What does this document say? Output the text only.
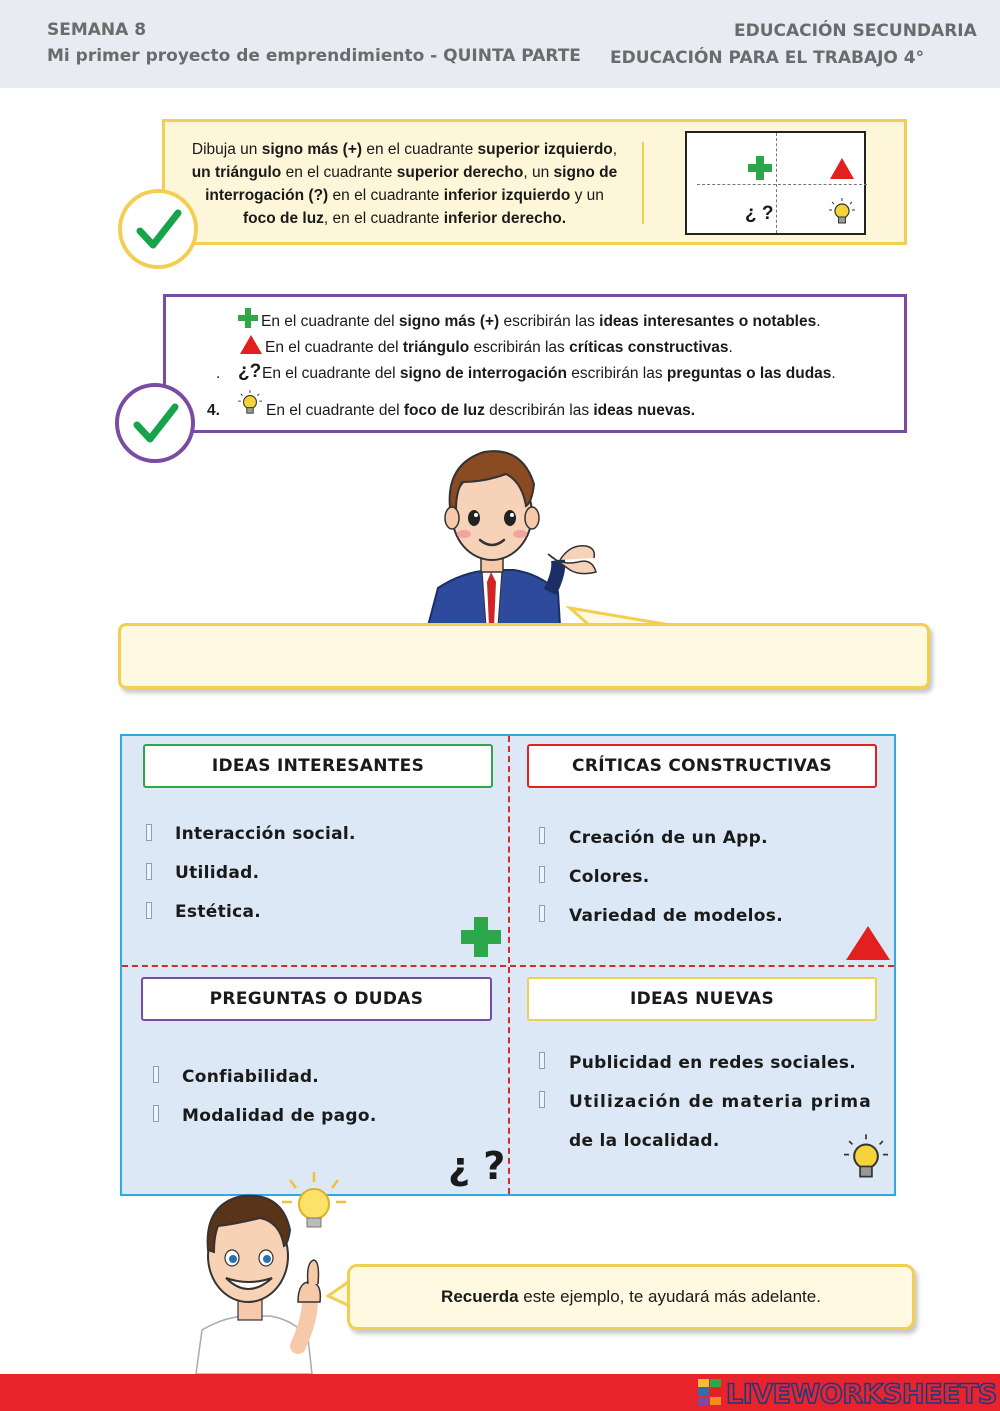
SEMANA 8
Mi primer proyecto de emprendimiento - QUINTA PARTE
EDUCACIÓN SECUNDARIA
EDUCACIÓN PARA EL TRABAJO 4°
Dibuja un signo más (+) en el cuadrante superior izquierdo,
un triángulo en el cuadrante superior derecho, un signo de
interrogación (?) en el cuadrante inferior izquierdo y un
foco de luz, en el cuadrante inferior derecho.	¿ ?
En el cuadrante del signo más (+) escribirán las ideas interesantes o notables.
En el cuadrante del triángulo escribirán las críticas constructivas.
. ¿? En el cuadrante del signo de interrogación escribirán las preguntas o las dudas.
4.	En el cuadrante del foco de luz describirán las ideas nuevas.
IDEAS INTERESANTES
Interacción social.
Utilidad.
Estética.
CRÍTICAS CONSTRUCTIVAS
Creación de un App.
Colores.
Variedad de modelos.
PREGUNTAS O DUDAS
Confiabilidad.
Modalidad de pago.
¿ ?
IDEAS NUEVAS
Publicidad en redes sociales.
Utilización de materia prima
de la localidad.
Recuerda este ejemplo, te ayudará más adelante.
LIVEWORKSHEETS
